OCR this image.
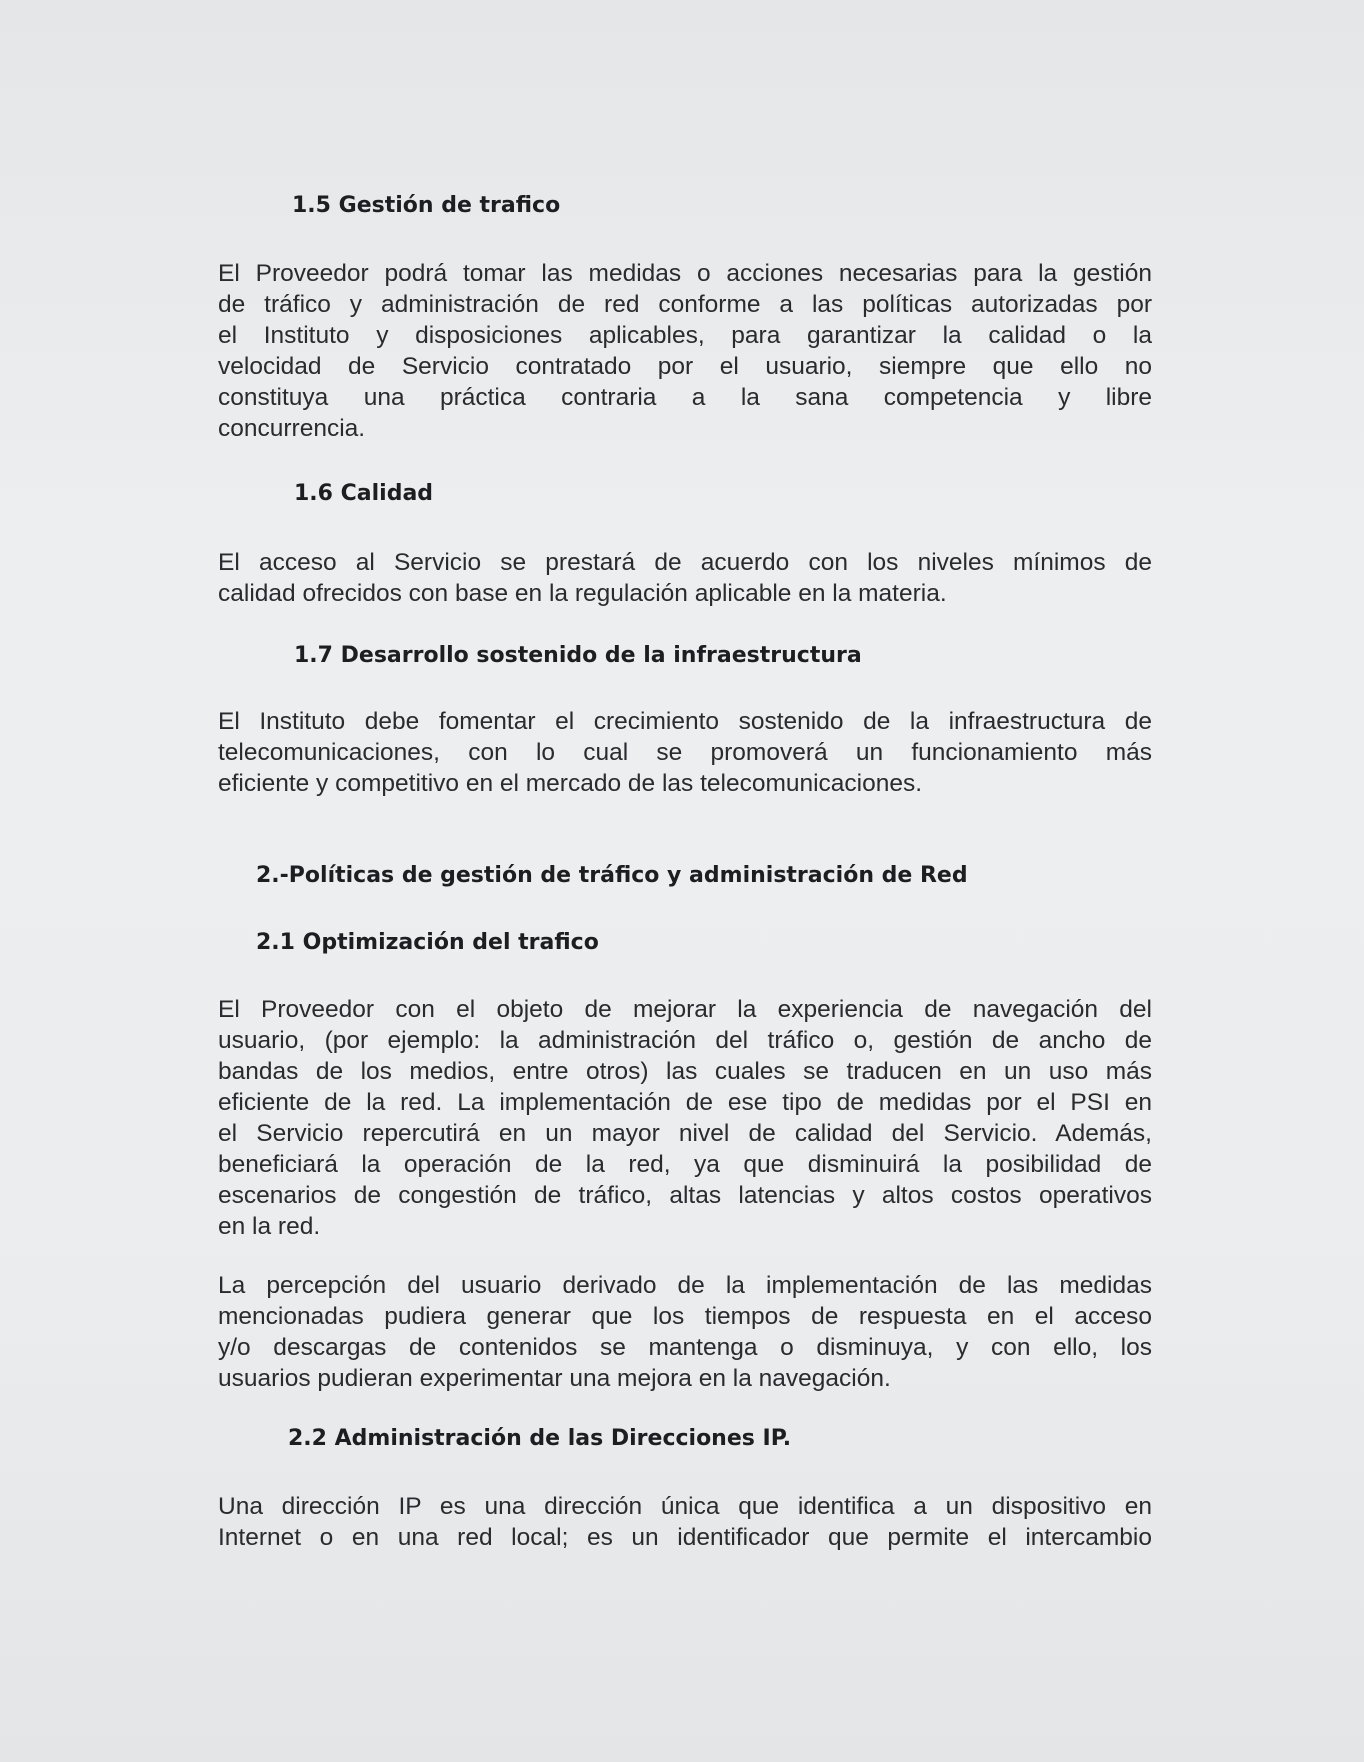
1.5 Gestión de trafico

El Proveedor podrá tomar las medidas o acciones necesarias para la gestión
de tráfico y administración de red conforme a las políticas autorizadas por
el Instituto y disposiciones aplicables, para garantizar la calidad o la
velocidad de Servicio contratado por el usuario, siempre que ello no
constituya una práctica contraria a la sana competencia y libre
concurrencia.

1.6 Calidad

El acceso al Servicio se prestará de acuerdo con los niveles mínimos de
calidad ofrecidos con base en la regulación aplicable en la materia.

1.7 Desarrollo sostenido de la infraestructura

El Instituto debe fomentar el crecimiento sostenido de la infraestructura de
telecomunicaciones, con lo cual se promoverá un funcionamiento más
eficiente y competitivo en el mercado de las telecomunicaciones.

2.-Políticas de gestión de tráfico y administración de Red
2.1 Optimización del trafico

El Proveedor con el objeto de mejorar la experiencia de navegación del
usuario, (por ejemplo: la administración del tráfico o, gestión de ancho de
bandas de los medios, entre otros) las cuales se traducen en un uso más
eficiente de la red. La implementación de ese tipo de medidas por el PSI en
el Servicio repercutirá en un mayor nivel de calidad del Servicio. Además,
beneficiará la operación de la red, ya que disminuirá la posibilidad de
escenarios de congestión de tráfico, altas latencias y altos costos operativos
en la red.

La percepción del usuario derivado de la implementación de las medidas
mencionadas pudiera generar que los tiempos de respuesta en el acceso
y/o descargas de contenidos se mantenga o disminuya, y con ello, los
usuarios pudieran experimentar una mejora en la navegación.

2.2 Administración de las Direcciones IP.

Una dirección IP es una dirección única que identifica a un dispositivo en
Internet o en una red local; es un identificador que permite el intercambio
